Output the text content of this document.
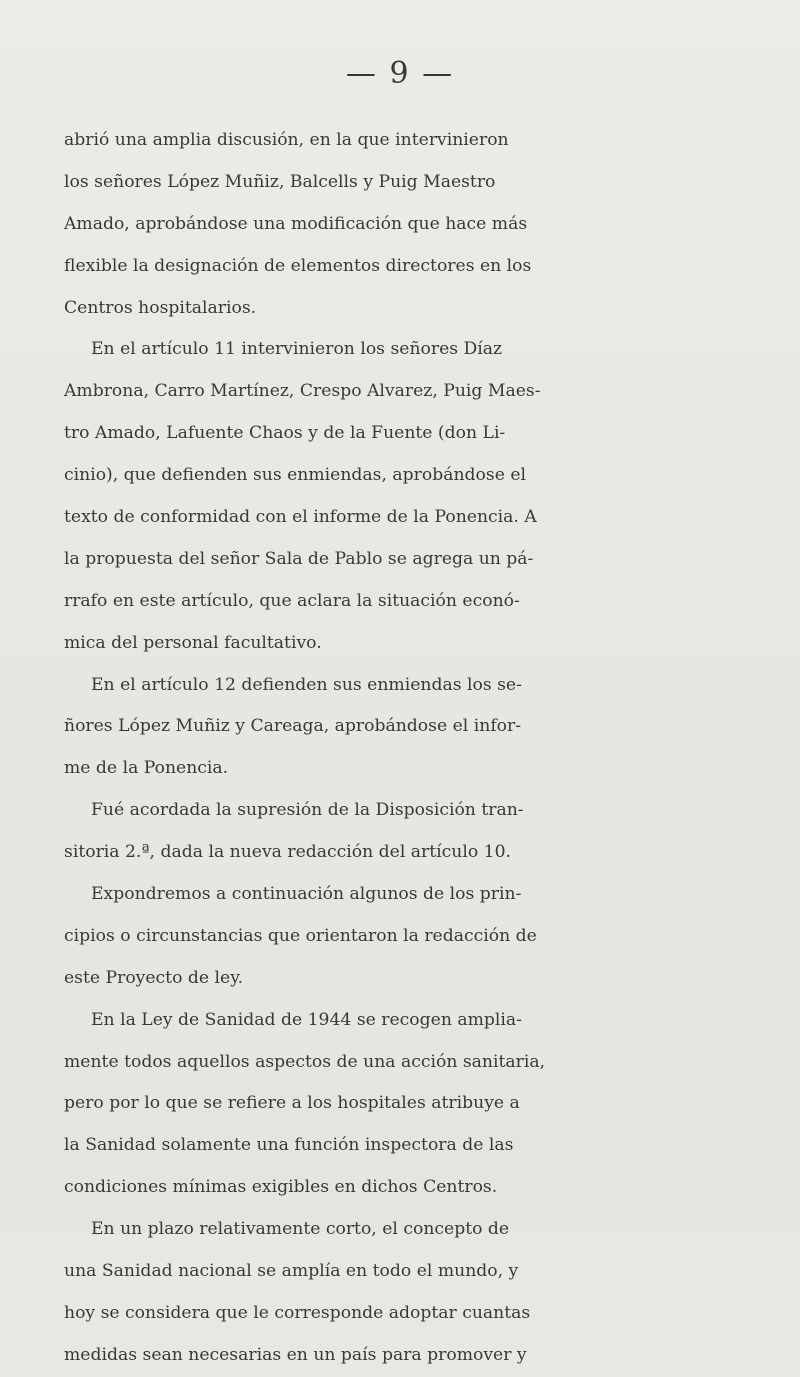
— 9 —
abrió una amplia discusión, en la que intervinieron
los señores López Muñiz, Balcells y Puig Maestro
Amado, aprobándose una modificación que hace más
flexible la designación de elementos directores en los
Centros hospitalarios.
En el artículo 11 intervinieron los señores Díaz
Ambrona, Carro Martínez, Crespo Alvarez, Puig Maes-
tro Amado, Lafuente Chaos y de la Fuente (don Li-
cinio), que defienden sus enmiendas, aprobándose el
texto de conformidad con el informe de la Ponencia. A
la propuesta del señor Sala de Pablo se agrega un pá-
rrafo en este artículo, que aclara la situación econó-
mica del personal facultativo.
En el artículo 12 defienden sus enmiendas los se-
ñores López Muñiz y Careaga, aprobándose el infor-
me de la Ponencia.
Fué acordada la supresión de la Disposición tran-
sitoria 2.ª, dada la nueva redacción del artículo 10.
Expondremos a continuación algunos de los prin-
cipios o circunstancias que orientaron la redacción de
este Proyecto de ley.
En la Ley de Sanidad de 1944 se recogen amplia-
mente todos aquellos aspectos de una acción sanitaria,
pero por lo que se refiere a los hospitales atribuye a
la Sanidad solamente una función inspectora de las
condiciones mínimas exigibles en dichos Centros.
En un plazo relativamente corto, el concepto de
una Sanidad nacional se amplía en todo el mundo, y
hoy se considera que le corresponde adoptar cuantas
medidas sean necesarias en un país para promover y
